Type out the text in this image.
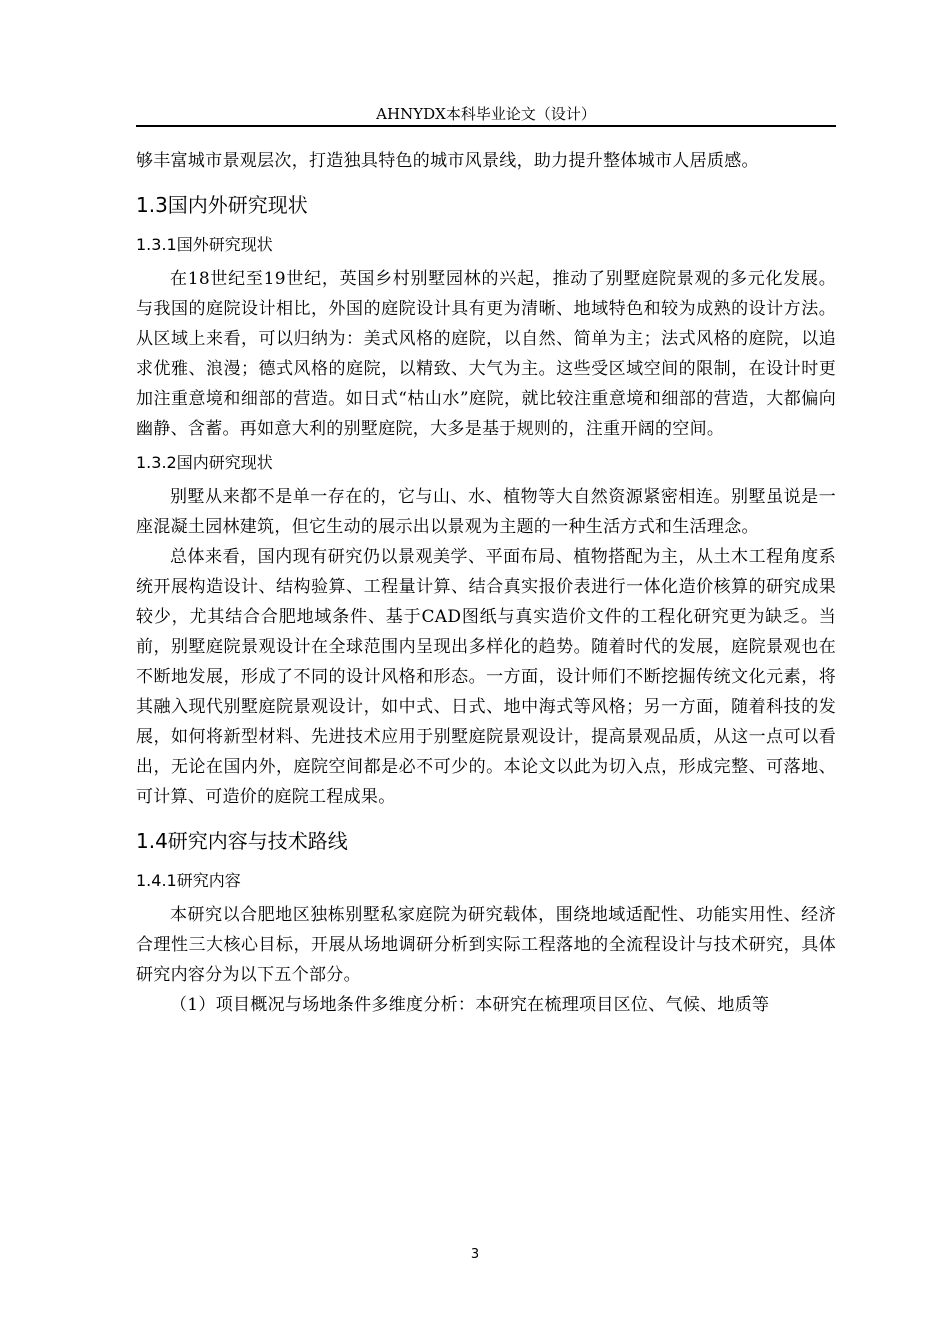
AHNYDX本科毕业论文（设计）

够丰富城市景观层次，打造独具特色的城市风景线，助力提升整体城市人居质感。

1.3国内外研究现状
1.3.1国外研究现状

在18世纪至19世纪，英国乡村别墅园林的兴起，推动了别墅庭院景观的多元化发展。与我国的庭院设计相比，外国的庭院设计具有更为清晰、地域特色和较为成熟的设计方法。从区域上来看，可以归纳为：美式风格的庭院，以自然、简单为主；法式风格的庭院，以追求优雅、浪漫；德式风格的庭院，以精致、大气为主。这些受区域空间的限制，在设计时更加注重意境和细部的营造。如日式“枯山水”庭院，就比较注重意境和细部的营造，大都偏向幽静、含蓄。再如意大利的别墅庭院，大多是基于规则的，注重开阔的空间。

1.3.2国内研究现状

别墅从来都不是单一存在的，它与山、水、植物等大自然资源紧密相连。别墅虽说是一座混凝土园林建筑，但它生动的展示出以景观为主题的一种生活方式和生活理念。

总体来看，国内现有研究仍以景观美学、平面布局、植物搭配为主，从土木工程角度系统开展构造设计、结构验算、工程量计算、结合真实报价表进行一体化造价核算的研究成果较少，尤其结合合肥地域条件、基于CAD图纸与真实造价文件的工程化研究更为缺乏。当前，别墅庭院景观设计在全球范围内呈现出多样化的趋势。随着时代的发展，庭院景观也在不断地发展，形成了不同的设计风格和形态。一方面，设计师们不断挖掘传统文化元素，将其融入现代别墅庭院景观设计，如中式、日式、地中海式等风格；另一方面，随着科技的发展，如何将新型材料、先进技术应用于别墅庭院景观设计，提高景观品质，从这一点可以看出，无论在国内外，庭院空间都是必不可少的。本论文以此为切入点，形成完整、可落地、可计算、可造价的庭院工程成果。

1.4研究内容与技术路线
1.4.1研究内容

本研究以合肥地区独栋别墅私家庭院为研究载体，围绕地域适配性、功能实用性、经济合理性三大核心目标，开展从场地调研分析到实际工程落地的全流程设计与技术研究，具体研究内容分为以下五个部分。

（1）项目概况与场地条件多维度分析：本研究在梳理项目区位、气候、地质等

3
